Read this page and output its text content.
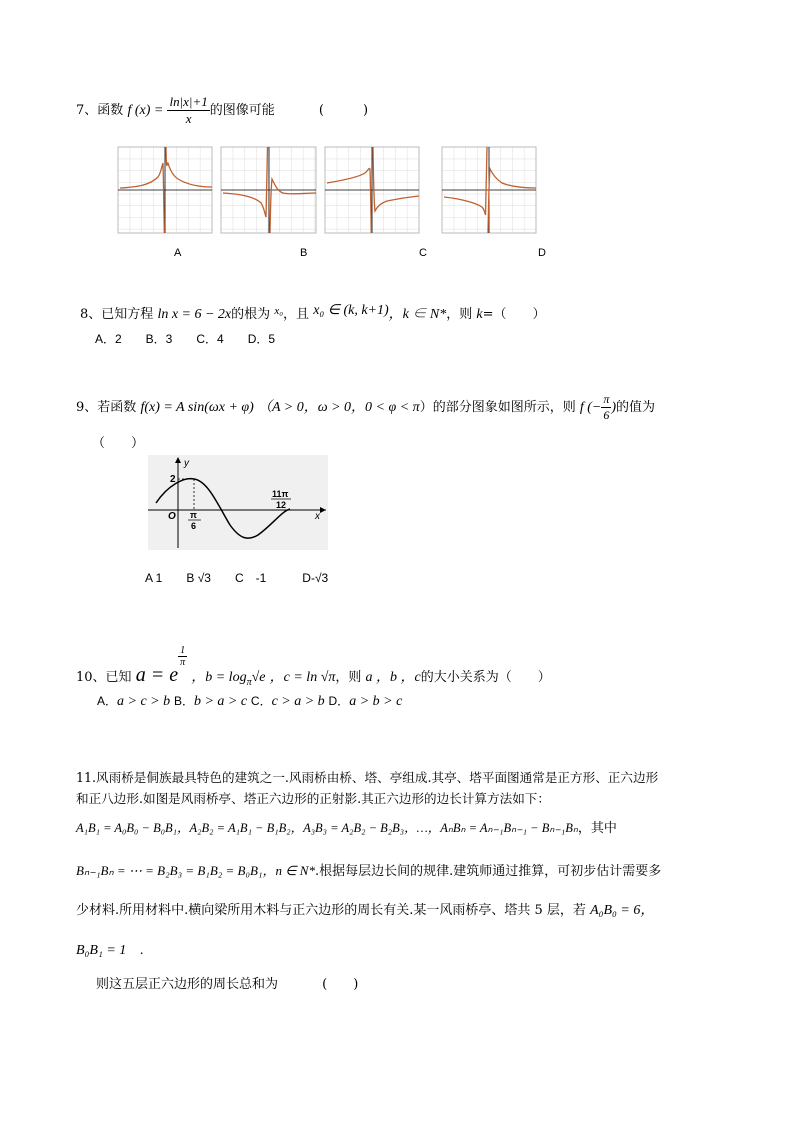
7、函数 f $(x) = \frac{\ln|x|+1}{x}$ 的图像可能	(　　　)
A	B	C	D
8、已知方程 ln x = 6 − 2x的根为 $^{x_0}$，且 x₀ ∈ (k, k+1)，k ∈ N*，则 k=（　　）
A．2　　B．3　　C．4　　D．5
9、若函数 f(x) = A sin(ωx + φ) （A > 0，ω > 0，0 < φ < π）的部分图象如图所示，则 f (− $\frac{\pi}{6}$ )的值为
（　　）
y
x
O
2
π
6
11π
12
A 1　　B √3　　C　-1　　　D-√3
10、已知 a = e
$\frac{1}{\pi}$
，$b = \log_\pi√e$ ，c = ln √π，则 a ，b ，c的大小关系为（　　）
A．a > c > b B．b > a > c C．c > a > b D．a > b > c
11.风雨桥是侗族最具特色的建筑之一.风雨桥由桥、塔、亭组成.其亭、塔平面图通常是正方形、正六边形
和正八边形.如图是风雨桥亭、塔正六边形的正射影.其正六边形的边长计算方法如下：
A₁B₁ = A₀B₀ − B₀B₁，A₂B₂ = A₁B₁ − B₁B₂，A₃B₃ = A₂B₂ − B₂B₃，…，AₙBₙ = Aₙ₋₁Bₙ₋₁ − Bₙ₋₁Bₙ，其中
Bₙ₋₁Bₙ = ⋯ = B₂B₃ = B₁B₂ = B₀B₁，n ∈ N*.根据每层边长间的规律.建筑师通过推算，可初步估计需要多
少材料.所用材料中.横向梁所用木料与正六边形的周长有关.某一风雨桥亭、塔共 5 层，若 A₀B₀ = 6，
B₀B₁ = 1　.
则这五层正六边形的周长总和为	(　　)
